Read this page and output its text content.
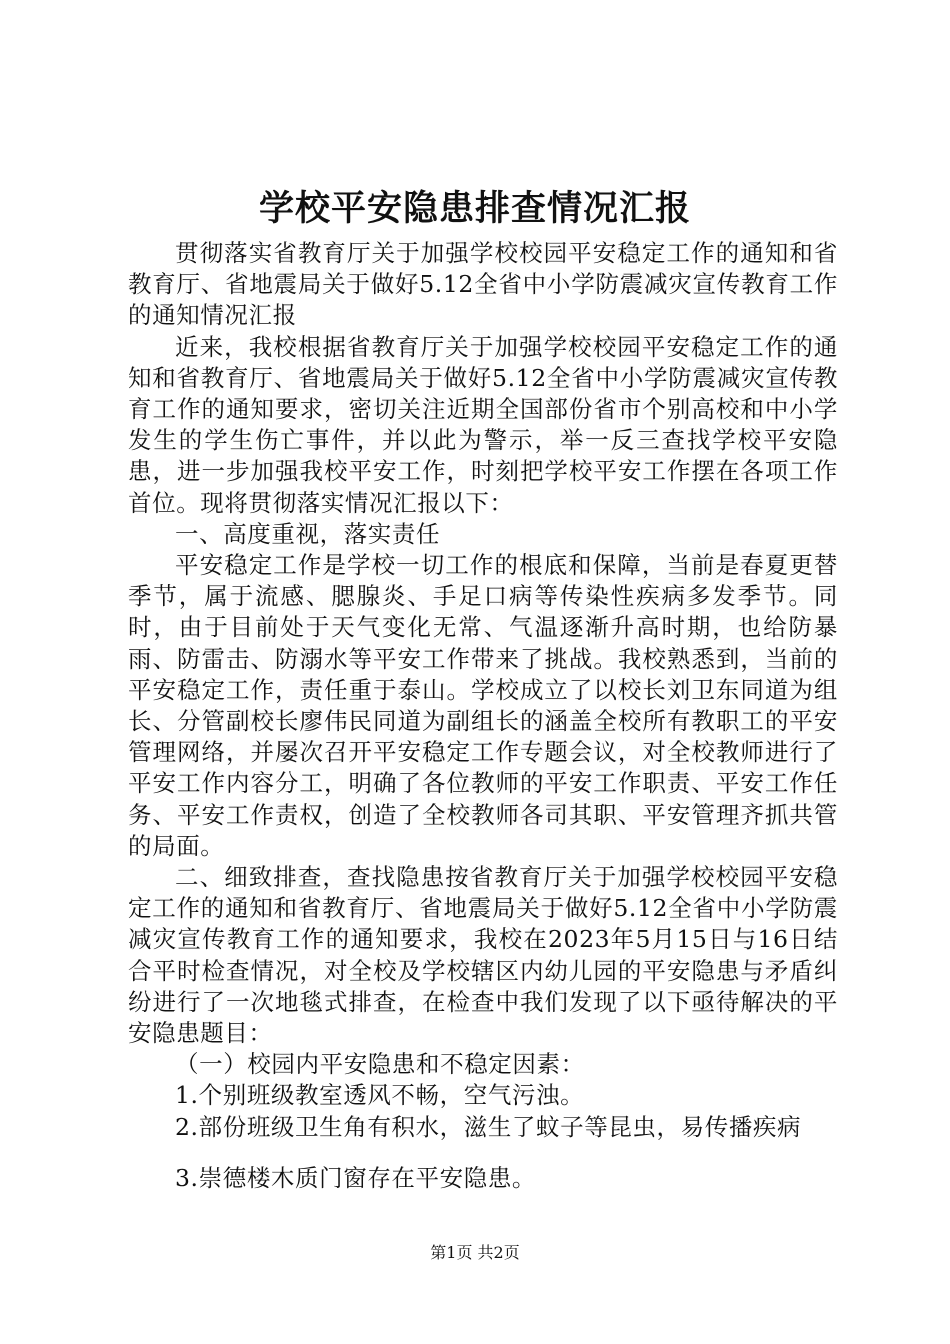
学校平安隐患排查情况汇报

贯彻落实省教育厅关于加强学校校园平安稳定工作的通知和省教育厅、省地震局关于做好5.12全省中小学防震减灾宣传教育工作的通知情况汇报

近来，我校根据省教育厅关于加强学校校园平安稳定工作的通知和省教育厅、省地震局关于做好5.12全省中小学防震减灾宣传教育工作的通知要求，密切关注近期全国部份省市个别高校和中小学发生的学生伤亡事件，并以此为警示，举一反三查找学校平安隐患，进一步加强我校平安工作，时刻把学校平安工作摆在各项工作首位。现将贯彻落实情况汇报以下：

一、高度重视，落实责任

平安稳定工作是学校一切工作的根底和保障，当前是春夏更替季节，属于流感、腮腺炎、手足口病等传染性疾病多发季节。同时，由于目前处于天气变化无常、气温逐渐升高时期，也给防暴雨、防雷击、防溺水等平安工作带来了挑战。我校熟悉到，当前的平安稳定工作，责任重于泰山。学校成立了以校长刘卫东同道为组长、分管副校长廖伟民同道为副组长的涵盖全校所有教职工的平安管理网络，并屡次召开平安稳定工作专题会议，对全校教师进行了平安工作内容分工，明确了各位教师的平安工作职责、平安工作任务、平安工作责权，创造了全校教师各司其职、平安管理齐抓共管的局面。

二、细致排查，查找隐患按省教育厅关于加强学校校园平安稳定工作的通知和省教育厅、省地震局关于做好5.12全省中小学防震减灾宣传教育工作的通知要求，我校在2023年5月15日与16日结合平时检查情况，对全校及学校辖区内幼儿园的平安隐患与矛盾纠纷进行了一次地毯式排查，在检查中我们发现了以下亟待解决的平安隐患题目：

（一）校园内平安隐患和不稳定因素：

1.个别班级教室透风不畅，空气污浊。

2.部份班级卫生角有积水，滋生了蚊子等昆虫，易传播疾病

3.崇德楼木质门窗存在平安隐患。

第1页 共2页
